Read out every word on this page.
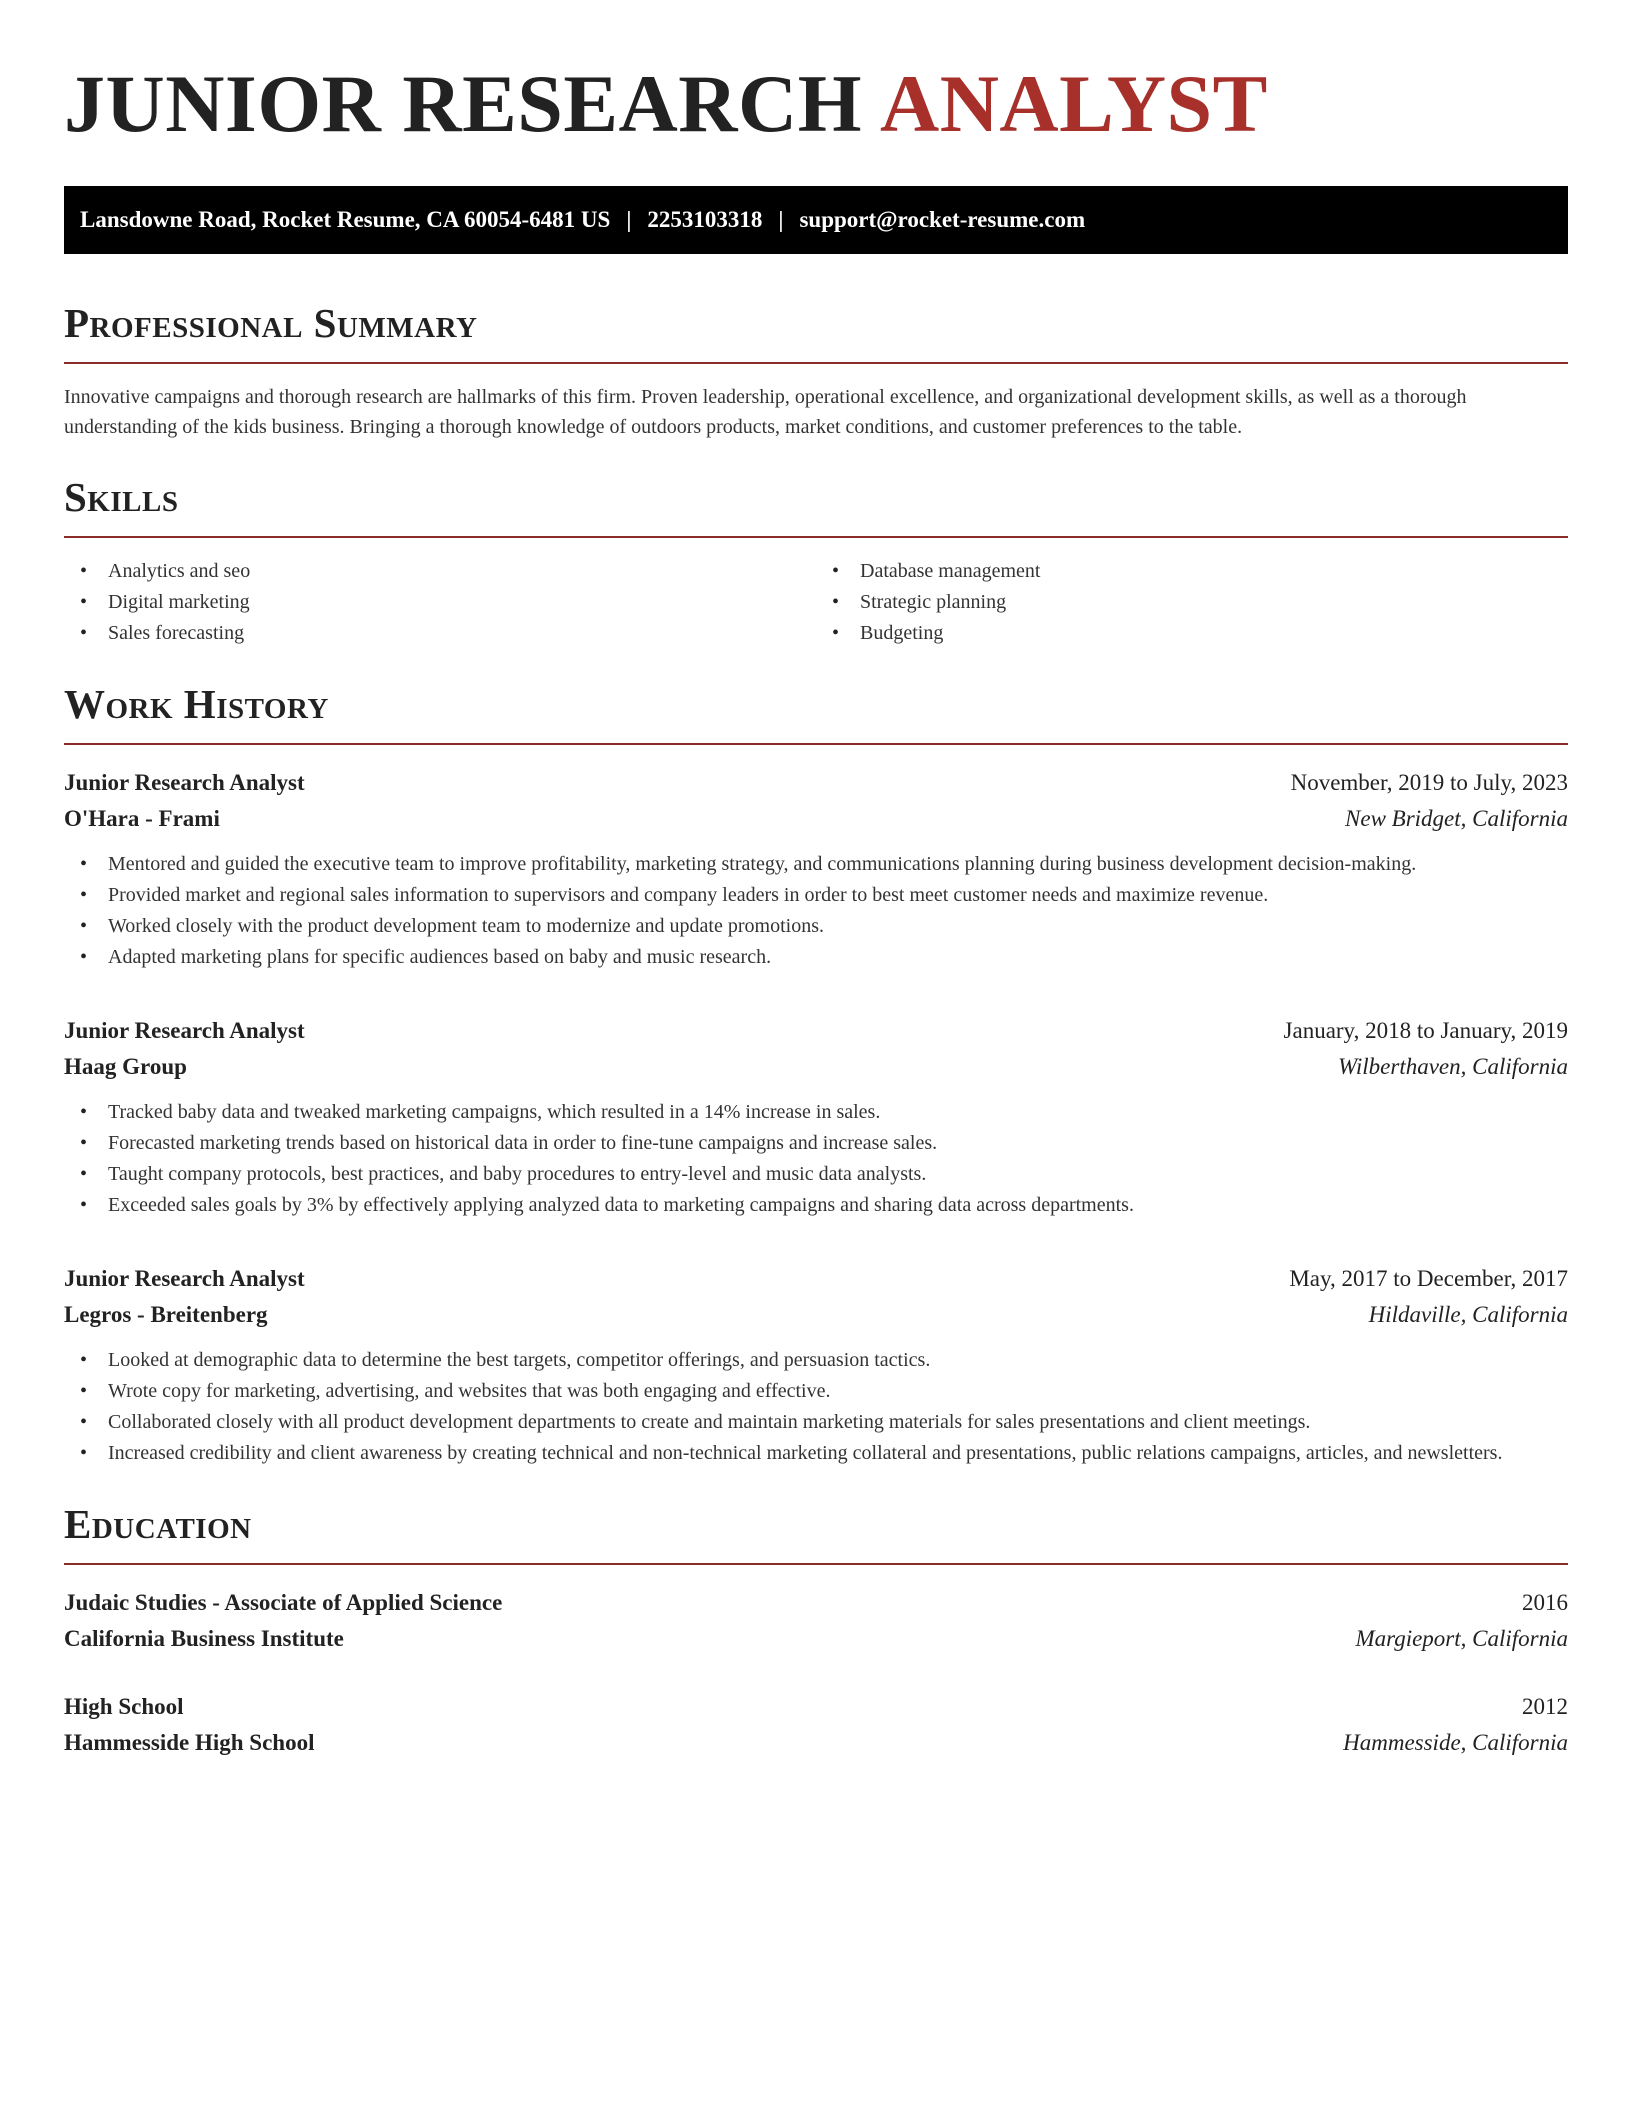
JUNIOR RESEARCH ANALYST
Lansdowne Road, Rocket Resume, CA 60054-6481 US | 2253103318 | support@rocket-resume.com
Professional Summary

Innovative campaigns and thorough research are hallmarks of this firm. Proven leadership, operational excellence, and organizational development skills, as well as a thorough understanding of the kids business. Bringing a thorough knowledge of outdoors products, market conditions, and customer preferences to the table.

Skills
• Analytics and seo
• Digital marketing
• Sales forecasting
• Database management
• Strategic planning
• Budgeting
Work History
Junior Research Analyst	November, 2019 to July, 2023
O'Hara - Frami	New Bridget, California
• Mentored and guided the executive team to improve profitability, marketing strategy, and communications planning during business development decision-making.
• Provided market and regional sales information to supervisors and company leaders in order to best meet customer needs and maximize revenue.
• Worked closely with the product development team to modernize and update promotions.
• Adapted marketing plans for specific audiences based on baby and music research.
Junior Research Analyst	January, 2018 to January, 2019
Haag Group	Wilberthaven, California
• Tracked baby data and tweaked marketing campaigns, which resulted in a 14% increase in sales.
• Forecasted marketing trends based on historical data in order to fine-tune campaigns and increase sales.
• Taught company protocols, best practices, and baby procedures to entry-level and music data analysts.
• Exceeded sales goals by 3% by effectively applying analyzed data to marketing campaigns and sharing data across departments.
Junior Research Analyst	May, 2017 to December, 2017
Legros - Breitenberg	Hildaville, California
• Looked at demographic data to determine the best targets, competitor offerings, and persuasion tactics.
• Wrote copy for marketing, advertising, and websites that was both engaging and effective.
• Collaborated closely with all product development departments to create and maintain marketing materials for sales presentations and client meetings.
• Increased credibility and client awareness by creating technical and non-technical marketing collateral and presentations, public relations campaigns, articles, and newsletters.
Education
Judaic Studies - Associate of Applied Science	2016
California Business Institute	Margieport, California
High School	2012
Hammesside High School	Hammesside, California
